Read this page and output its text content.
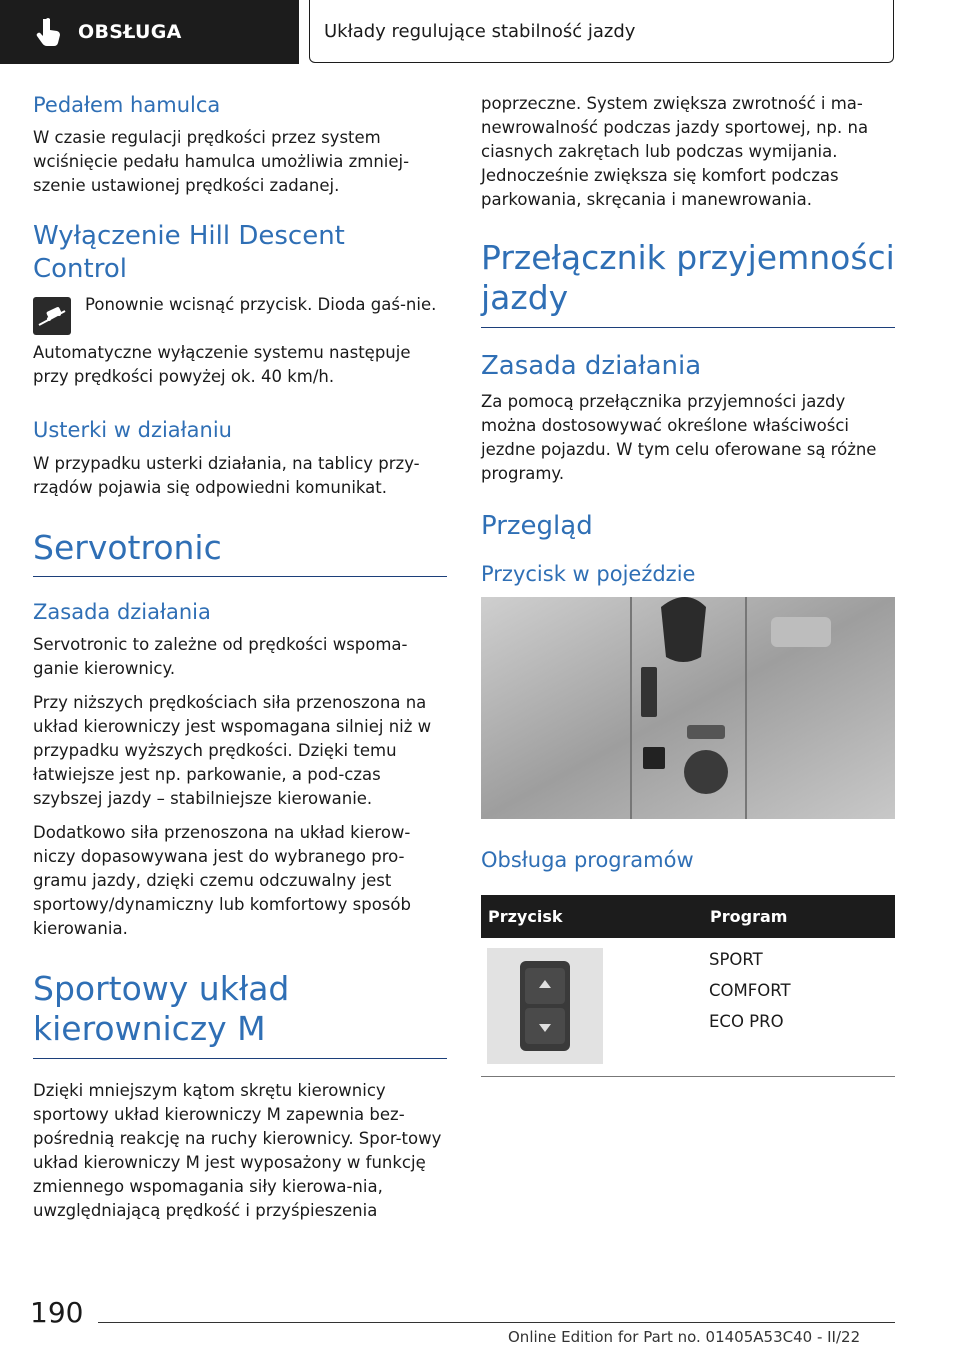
OBSŁUGA	Układy regulujące stabilność jazdy
Pedałem hamulca

W czasie regulacji prędkości przez system wciśnięcie pedału hamulca umożliwia zmniej-szenie ustawionej prędkości zadanej.

Wyłączenie Hill Descent Control

Ponownie wcisnąć przycisk. Dioda gaś-nie.

Automatyczne wyłączenie systemu następuje przy prędkości powyżej ok. 40 km/h.

Usterki w działaniu

W przypadku usterki działania, na tablicy przy-rządów pojawia się odpowiedni komunikat.

Servotronic
Zasada działania

Servotronic to zależne od prędkości wspoma-ganie kierownicy.

Przy niższych prędkościach siła przenoszona na układ kierowniczy jest wspomagana silniej niż w przypadku wyższych prędkości. Dzięki temu łatwiejsze jest np. parkowanie, a pod-czas szybszej jazdy – stabilniejsze kierowanie.

Dodatkowo siła przenoszona na układ kierow-niczy dopasowywana jest do wybranego pro-gramu jazdy, dzięki czemu odczuwalny jest sportowy/dynamiczny lub komfortowy sposób kierowania.

Sportowy układ kierowniczy M

Dzięki mniejszym kątom skrętu kierownicy sportowy układ kierowniczy M zapewnia bez-pośrednią reakcję na ruchy kierownicy. Spor-towy układ kierowniczy M jest wyposażony w funkcję zmiennego wspomagania siły kierowa-nia, uwzględniającą prędkość i przyśpieszenia

poprzeczne. System zwiększa zwrotność i ma-newrowalność podczas jazdy sportowej, np. na ciasnych zakrętach lub podczas wymijania. Jednocześnie zwiększa się komfort podczas parkowania, skręcania i manewrowania.

Przełącznik przyjemności jazdy
Zasada działania

Za pomocą przełącznika przyjemności jazdy można dostosowywać określone właściwości jezdne pojazdu. W tym celu oferowane są różne programy.

Przegląd
Przycisk w pojeździe
Obsługa programów
Przycisk	Program

SPORT
COMFORT
ECO PRO
190
Online Edition for Part no. 01405A53C40 - II/22
